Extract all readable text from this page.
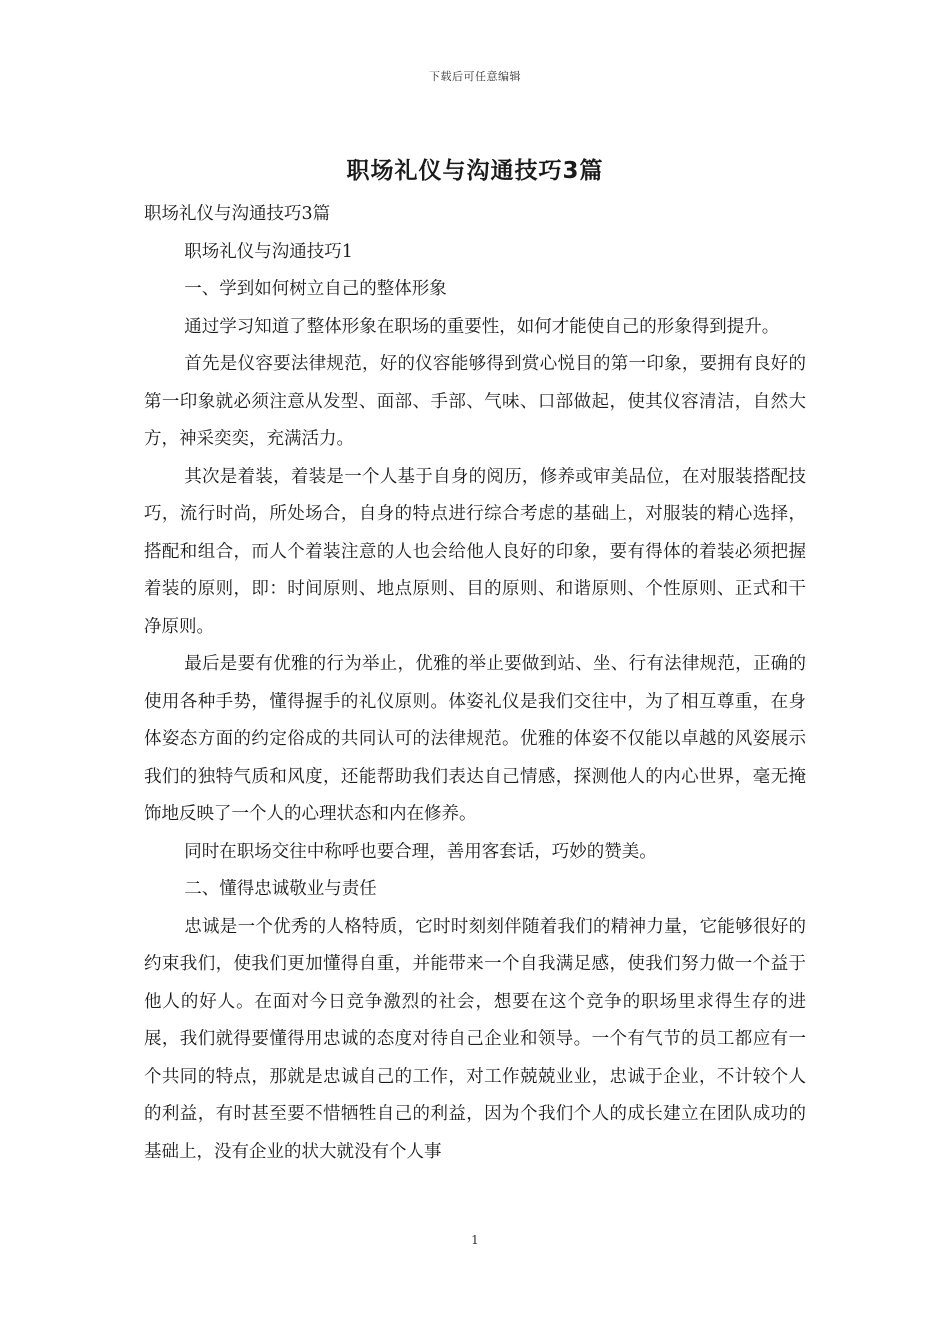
下载后可任意编辑
职场礼仪与沟通技巧3篇

职场礼仪与沟通技巧3篇

职场礼仪与沟通技巧1

一、学到如何树立自己的整体形象

通过学习知道了整体形象在职场的重要性，如何才能使自己的形象得到提升。

首先是仪容要法律规范，好的仪容能够得到赏心悦目的第一印象，要拥有良好的第一印象就必须注意从发型、面部、手部、气味、口部做起，使其仪容清洁，自然大方，神采奕奕，充满活力。

其次是着装，着装是一个人基于自身的阅历，修养或审美品位，在对服装搭配技巧，流行时尚，所处场合，自身的特点进行综合考虑的基础上，对服装的精心选择，搭配和组合，而人个着装注意的人也会给他人良好的印象，要有得体的着装必须把握着装的原则，即：时间原则、地点原则、目的原则、和谐原则、个性原则、正式和干净原则。

最后是要有优雅的行为举止，优雅的举止要做到站、坐、行有法律规范，正确的使用各种手势，懂得握手的礼仪原则。体姿礼仪是我们交往中，为了相互尊重，在身体姿态方面的约定俗成的共同认可的法律规范。优雅的体姿不仅能以卓越的风姿展示我们的独特气质和风度，还能帮助我们表达自己情感，探测他人的内心世界，毫无掩饰地反映了一个人的心理状态和内在修养。

同时在职场交往中称呼也要合理，善用客套话，巧妙的赞美。

二、懂得忠诚敬业与责任

忠诚是一个优秀的人格特质，它时时刻刻伴随着我们的精神力量，它能够很好的约束我们，使我们更加懂得自重，并能带来一个自我满足感，使我们努力做一个益于他人的好人。在面对今日竞争激烈的社会，想要在这个竞争的职场里求得生存的进展，我们就得要懂得用忠诚的态度对待自己企业和领导。一个有气节的员工都应有一个共同的特点，那就是忠诚自己的工作，对工作兢兢业业，忠诚于企业，不计较个人的利益，有时甚至要不惜牺牲自己的利益，因为个我们个人的成长建立在团队成功的基础上，没有企业的状大就没有个人事

1
